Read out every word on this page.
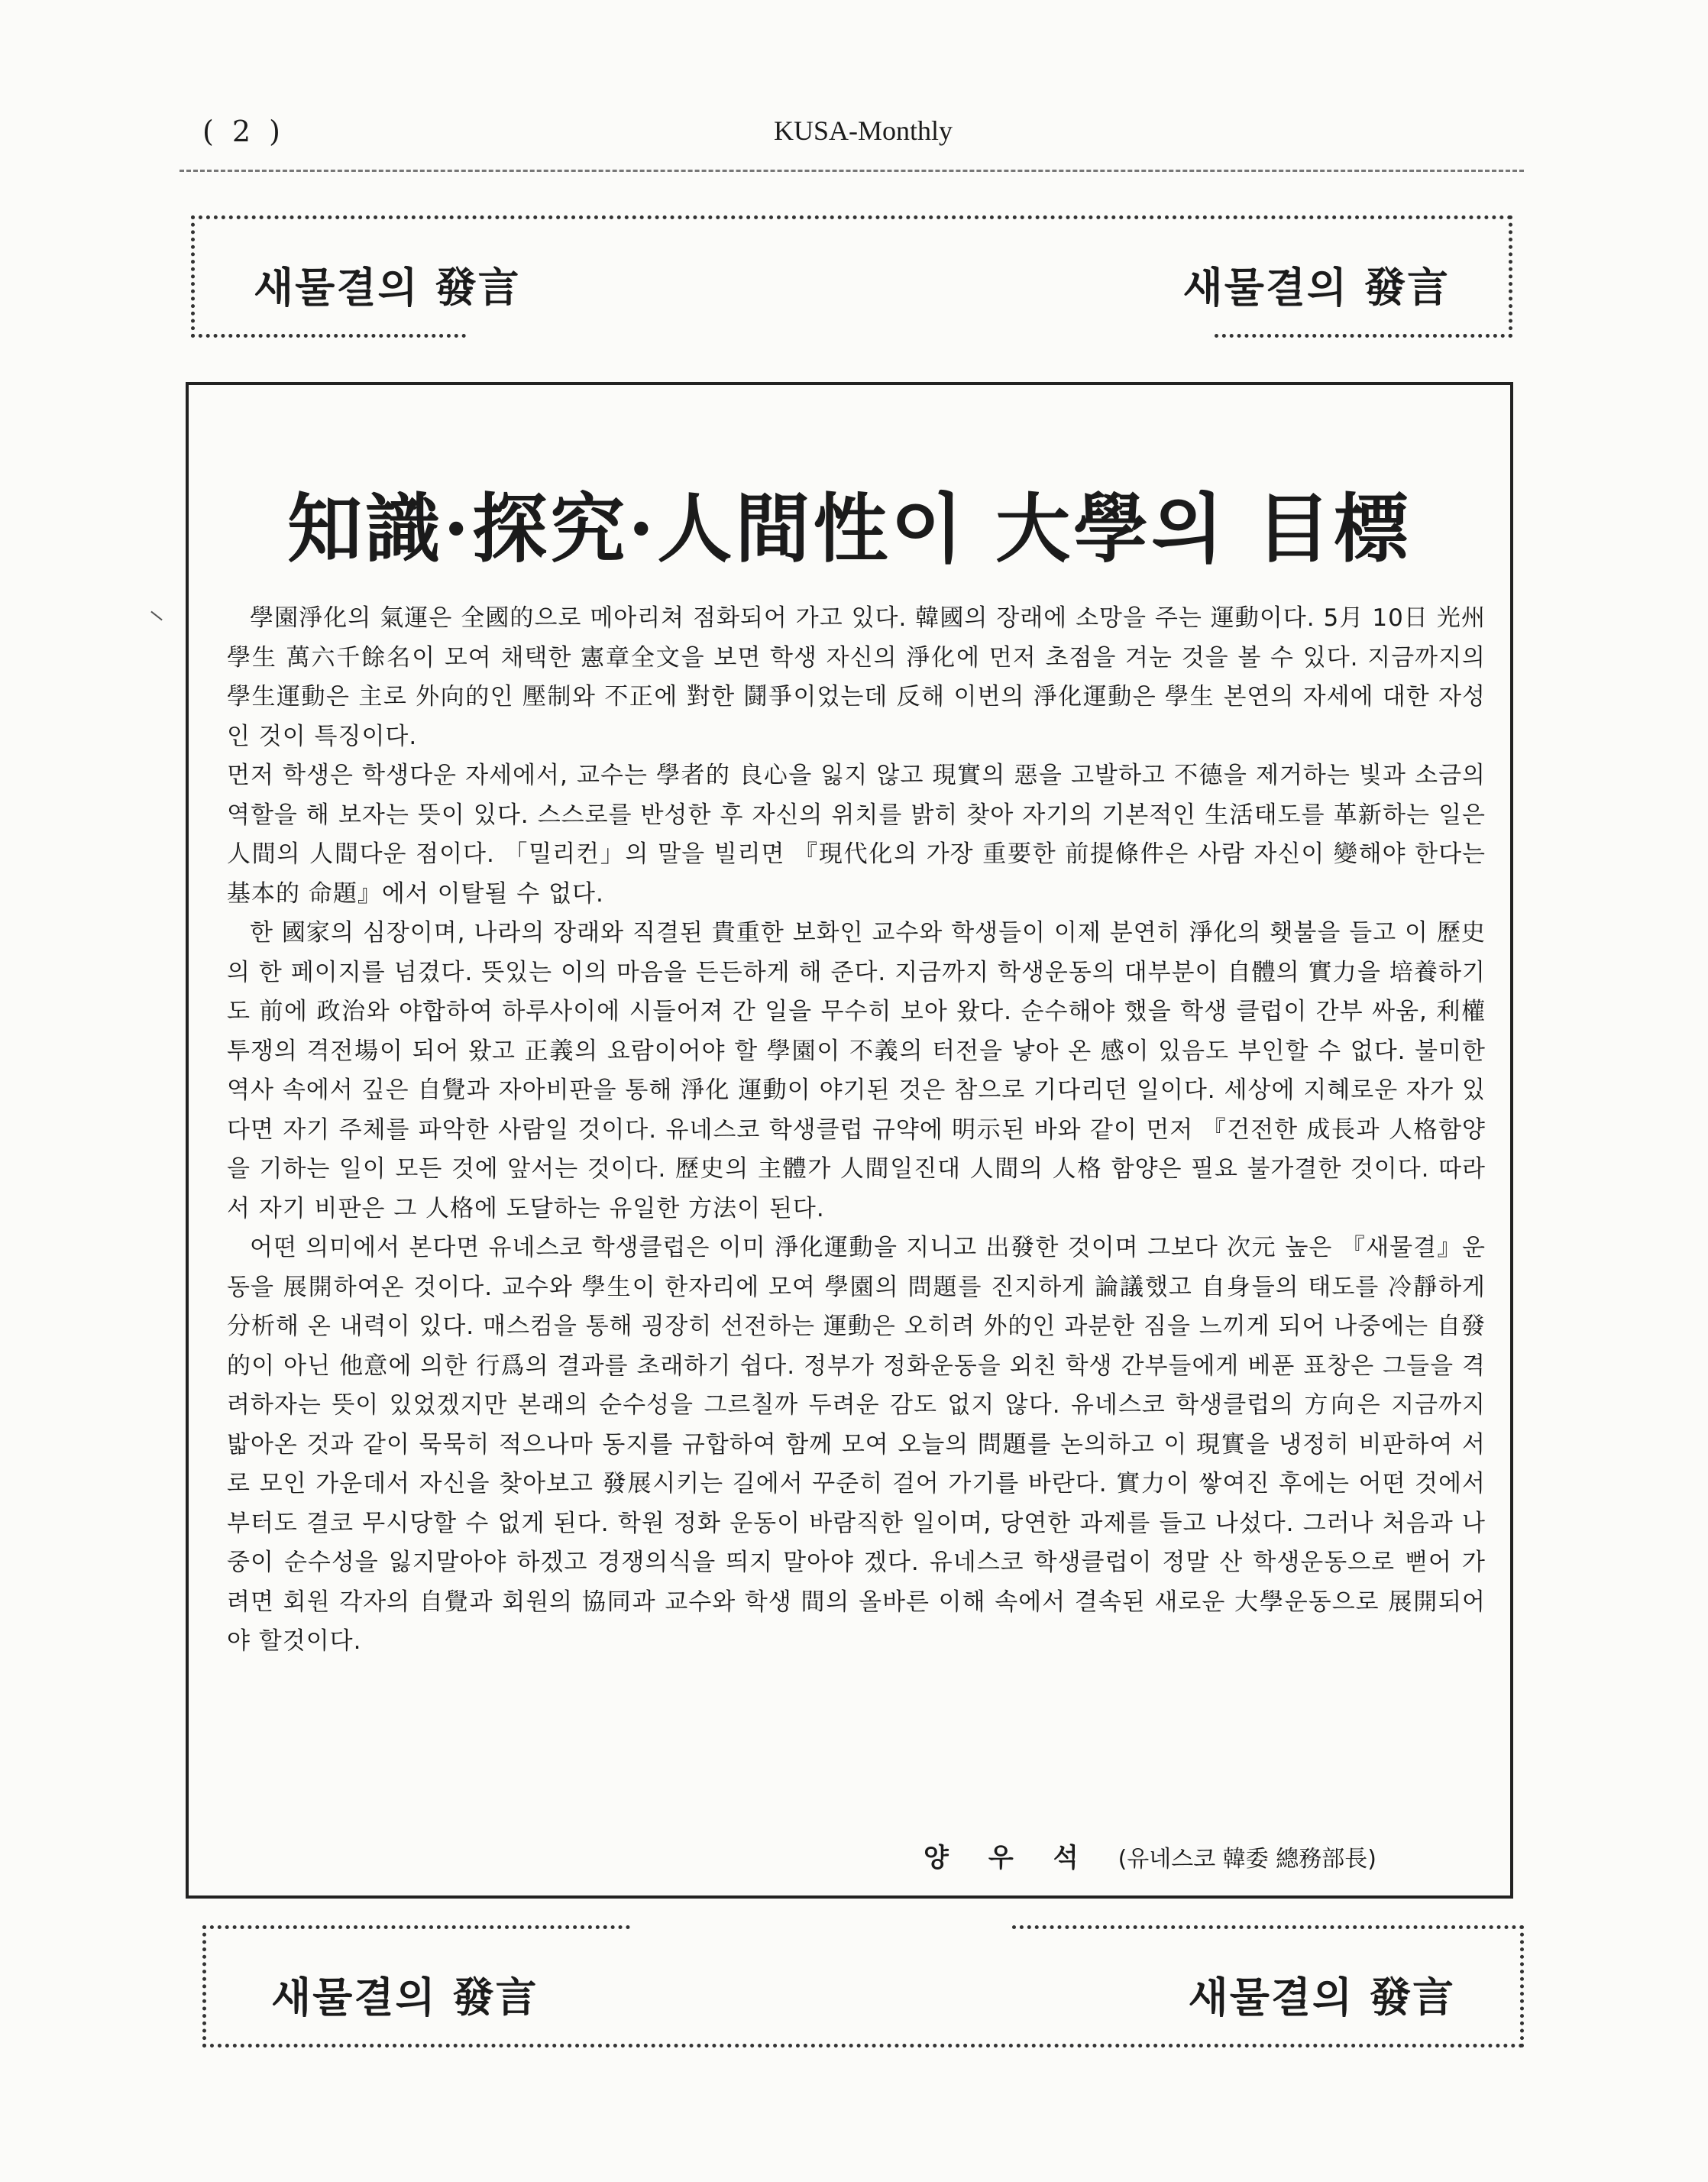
( 2 )	KUSA-Monthly
새물결의 發言	새물결의 發言
知識·探究·人間性이 大學의 目標

學園淨化의 氣運은 全國的으로 메아리쳐 점화되어 가고 있다. 韓國의 장래에 소망을 주는 運動이다. 5月 10日 光州 學生 萬六千餘名이 모여 채택한 憲章全文을 보면 학생 자신의 淨化에 먼저 초점을 겨눈 것을 볼 수 있다. 지금까지의 學生運動은 主로 外向的인 壓制와 不正에 對한 鬪爭이었는데 反해 이번의 淨化運動은 學生 본연의 자세에 대한 자성인 것이 특징이다.

먼저 학생은 학생다운 자세에서, 교수는 學者的 良心을 잃지 않고 現實의 惡을 고발하고 不德을 제거하는 빛과 소금의 역할을 해 보자는 뜻이 있다. 스스로를 반성한 후 자신의 위치를 밝히 찾아 자기의 기본적인 生活태도를 革新하는 일은 人間의 人間다운 점이다. 「밀리컨」의 말을 빌리면 『現代化의 가장 重要한 前提條件은 사람 자신이 變해야 한다는 基本的 命題』에서 이탈될 수 없다.

한 國家의 심장이며, 나라의 장래와 직결된 貴重한 보화인 교수와 학생들이 이제 분연히 淨化의 횃불을 들고 이 歷史의 한 페이지를 넘겼다. 뜻있는 이의 마음을 든든하게 해 준다. 지금까지 학생운동의 대부분이 自體의 實力을 培養하기도 前에 政治와 야합하여 하루사이에 시들어져 간 일을 무수히 보아 왔다. 순수해야 했을 학생 클럽이 간부 싸움, 利權 투쟁의 격전場이 되어 왔고 正義의 요람이어야 할 學園이 不義의 터전을 낳아 온 感이 있음도 부인할 수 없다. 불미한 역사 속에서 깊은 自覺과 자아비판을 통해 淨化 運動이 야기된 것은 참으로 기다리던 일이다. 세상에 지혜로운 자가 있다면 자기 주체를 파악한 사람일 것이다. 유네스코 학생클럽 규약에 明示된 바와 같이 먼저 『건전한 成長과 人格함양을 기하는 일이 모든 것에 앞서는 것이다. 歷史의 主體가 人間일진대 人間의 人格 함양은 필요 불가결한 것이다. 따라서 자기 비판은 그 人格에 도달하는 유일한 方法이 된다.

어떤 의미에서 본다면 유네스코 학생클럽은 이미 淨化運動을 지니고 出發한 것이며 그보다 次元 높은 『새물결』운동을 展開하여온 것이다. 교수와 學生이 한자리에 모여 學園의 問題를 진지하게 論議했고 自身들의 태도를 冷靜하게 分析해 온 내력이 있다. 매스컴을 통해 굉장히 선전하는 運動은 오히려 外的인 과분한 짐을 느끼게 되어 나중에는 自發的이 아닌 他意에 의한 行爲의 결과를 초래하기 쉽다. 정부가 정화운동을 외친 학생 간부들에게 베푼 표창은 그들을 격려하자는 뜻이 있었겠지만 본래의 순수성을 그르칠까 두려운 감도 없지 않다. 유네스코 학생클럽의 方向은 지금까지 밟아온 것과 같이 묵묵히 적으나마 동지를 규합하여 함께 모여 오늘의 問題를 논의하고 이 現實을 냉정히 비판하여 서로 모인 가운데서 자신을 찾아보고 發展시키는 길에서 꾸준히 걸어 가기를 바란다. 實力이 쌓여진 후에는 어떤 것에서 부터도 결코 무시당할 수 없게 된다. 학원 정화 운동이 바람직한 일이며, 당연한 과제를 들고 나섰다. 그러나 처음과 나중이 순수성을 잃지말아야 하겠고 경쟁의식을 띄지 말아야 겠다. 유네스코 학생클럽이 정말 산 학생운동으로 뻗어 가려면 회원 각자의 自覺과 회원의 協同과 교수와 학생 間의 올바른 이해 속에서 결속된 새로운 大學운동으로 展開되어야 할것이다.

양우석(유네스코 韓委 總務部長)
새물결의 發言	새물결의 發言
